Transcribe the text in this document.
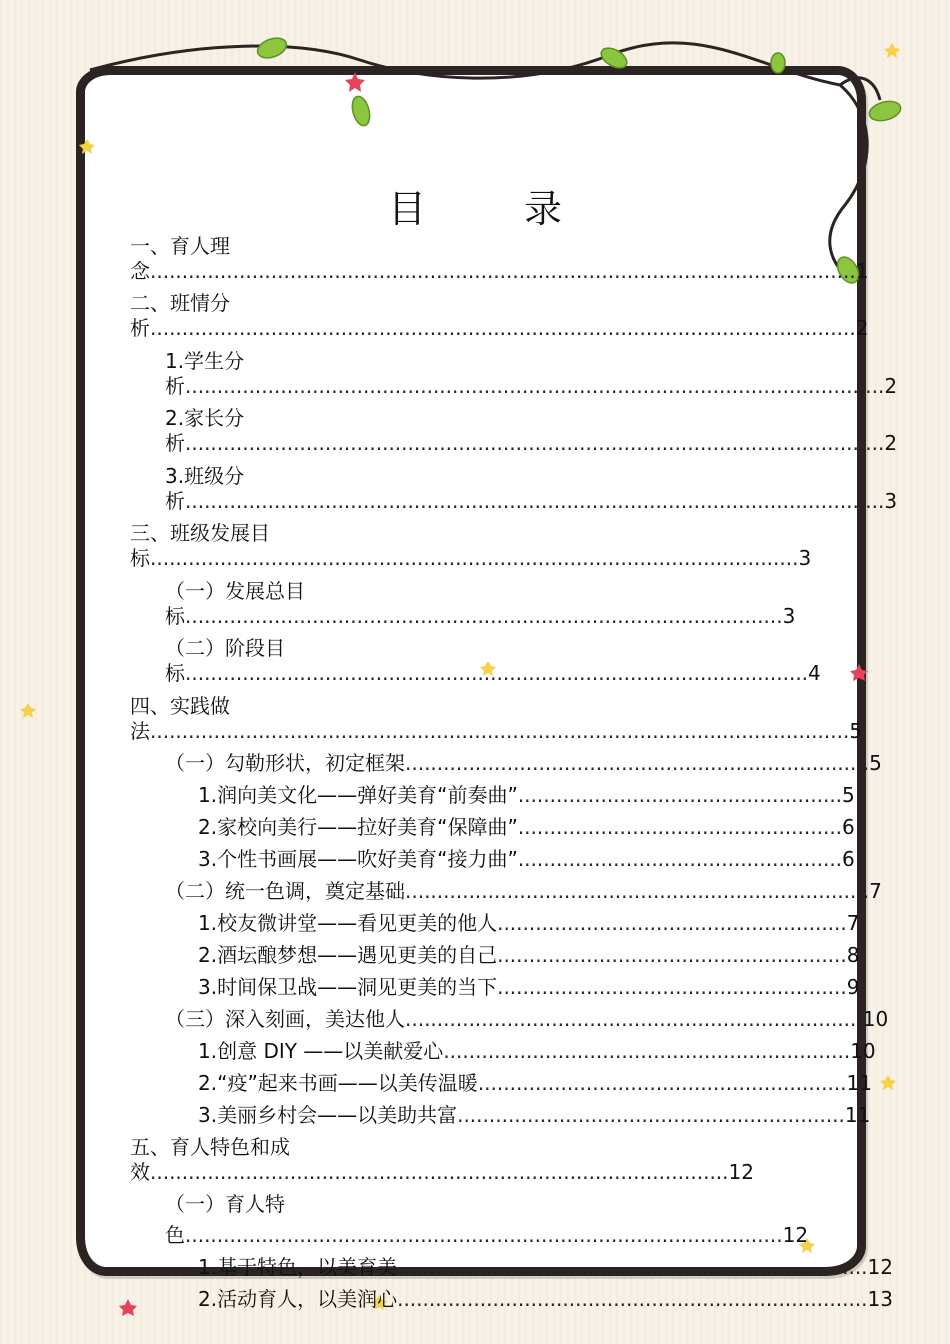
目　录
一、育人理
念...............................................................................................................1
二、班情分
析...............................................................................................................2
1.学生分
析..............................................................................................................2
2.家长分
析..............................................................................................................2
3.班级分
析..............................................................................................................3
三、班级发展目
标......................................................................................................3
（一）发展总目
标..............................................................................................3
（二）阶段目
标..................................................................................................4
四、实践做
法..............................................................................................................5
（一）勾勒形状，初定框架.........................................................................5
1.润向美文化——弹好美育“前奏曲”...................................................5
2.家校向美行——拉好美育“保障曲”...................................................6
3.个性书画展——吹好美育“接力曲”...................................................6
（二）统一色调，奠定基础.........................................................................7
1.校友微讲堂——看见更美的他人.......................................................7
2.酒坛酿梦想——遇见更美的自己.......................................................8
3.时间保卫战——洞见更美的当下.......................................................9
（三）深入刻画，美达他人........................................................................10
1.创意 DIY ——以美献爱心................................................................10
2.“疫”起来书画——以美传温暖..........................................................11
3.美丽乡村会——以美助共富.............................................................11
五、育人特色和成
效...........................................................................................12
（一）育人特
色..............................................................................................12
1.基于特色，以美育美..........................................................................12
2.活动育人，以美润心..........................................................................13
